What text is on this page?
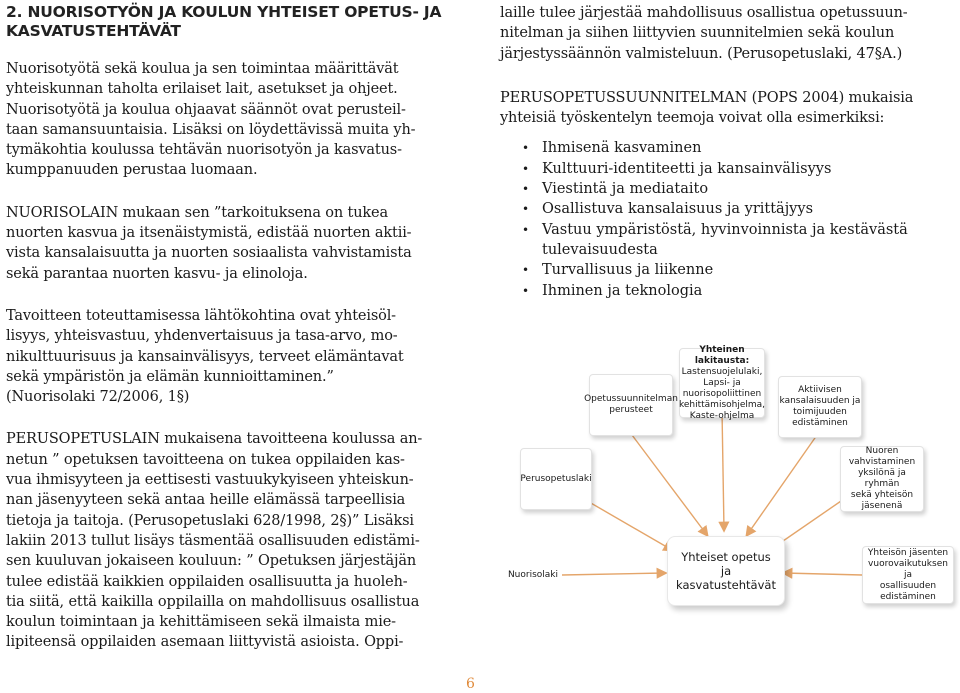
2. NUORISOTYÖN JA KOULUN YHTEISET OPETUS- JA
KASVATUSTEHTÄVÄT
Nuorisotyötä sekä koulua ja sen toimintaa määrittävät
yhteiskunnan taholta erilaiset lait, asetukset ja ohjeet.
Nuorisotyötä ja koulua ohjaavat säännöt ovat perusteil-
taan samansuuntaisia. Lisäksi on löydettävissä muita yh-
tymäkohtia koulussa tehtävän nuorisotyön ja kasvatus-
kumppanuuden perustaa luomaan.
NUORISOLAIN mukaan sen ”tarkoituksena on tukea
nuorten kasvua ja itsenäistymistä, edistää nuorten aktii-
vista kansalaisuutta ja nuorten sosiaalista vahvistamista
sekä parantaa nuorten kasvu- ja elinoloja.
Tavoitteen toteuttamisessa lähtökohtina ovat yhteisöl-
lisyys, yhteisvastuu, yhdenvertaisuus ja tasa-arvo, mo-
nikulttuurisuus ja kansainvälisyys, terveet elämäntavat
sekä ympäristön ja elämän kunnioittaminen.”
(Nuorisolaki 72/2006, 1§)
PERUSOPETUSLAIN mukaisena tavoitteena koulussa an-
netun ” opetuksen tavoitteena on tukea oppilaiden kas-
vua ihmisyyteen ja eettisesti vastuukykyiseen yhteiskun-
nan jäsenyyteen sekä antaa heille elämässä tarpeellisia
tietoja ja taitoja. (Perusopetuslaki 628/1998, 2§)” Lisäksi
lakiin 2013 tullut lisäys täsmentää osallisuuden edistämi-
sen kuuluvan jokaiseen kouluun: ” Opetuksen järjestäjän
tulee edistää kaikkien oppilaiden osallisuutta ja huoleh-
tia siitä, että kaikilla oppilailla on mahdollisuus osallistua
koulun toimintaan ja kehittämiseen sekä ilmaista mie-
lipiteensä oppilaiden asemaan liittyvistä asioista. Oppi-
laille tulee järjestää mahdollisuus osallistua opetussuun-
nitelman ja siihen liittyvien suunnitelmien sekä koulun
järjestyssäännön valmisteluun. (Perusopetuslaki, 47§A.)
PERUSOPETUSSUUNNITELMAN (POPS 2004) mukaisia
yhteisiä työskentelyn teemoja voivat olla esimerkiksi:
• Ihmisenä kasvaminen
• Kulttuuri-identiteetti ja kansainvälisyys
• Viestintä ja mediataito
• Osallistuva kansalaisuus ja yrittäjyys
• Vastuu ympäristöstä, hyvinvoinnista ja kestävästä tulevaisuudesta
• Turvallisuus ja liikenne
• Ihminen ja teknologia
Nuorisolaki
Perusopetuslaki
Opetussuunnitelman
perusteet
Yhteinen lakitausta:
Lastensuojelulaki,
Lapsi- ja
nuorisopoliittinen
kehittämisohjelma,
Kaste-ohjelma
Aktiivisen
kansalaisuuden ja
toimijuuden
edistäminen
Nuoren
vahvistaminen
yksilönä ja ryhmän
sekä yhteisön
jäsenenä
Yhteisön jäsenten
vuorovaikutuksen ja
osallisuuden
edistäminen
Yhteiset opetus
ja
kasvatustehtävät
6
